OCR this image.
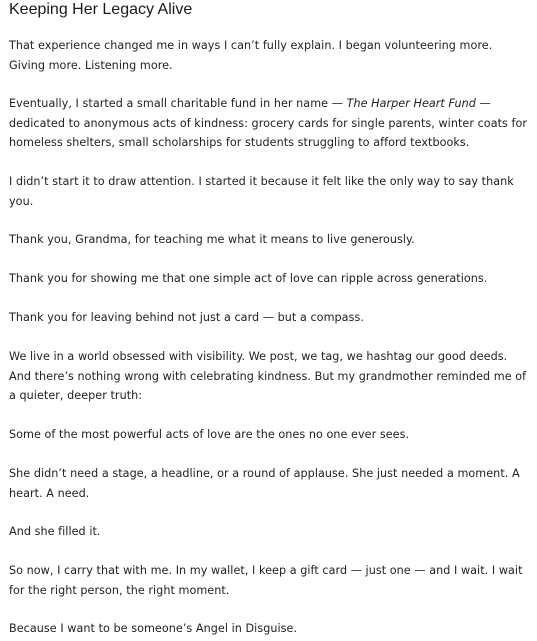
Keeping Her Legacy Alive

That experience changed me in ways I can’t fully explain. I began volunteering more. Giving more. Listening more.

Eventually, I started a small charitable fund in her name — The Harper Heart Fund — dedicated to anonymous acts of kindness: grocery cards for single parents, winter coats for homeless shelters, small scholarships for students struggling to afford textbooks.

I didn’t start it to draw attention. I started it because it felt like the only way to say thank you.

Thank you, Grandma, for teaching me what it means to live generously.

Thank you for showing me that one simple act of love can ripple across generations.

Thank you for leaving behind not just a card — but a compass.

We live in a world obsessed with visibility. We post, we tag, we hashtag our good deeds. And there’s nothing wrong with celebrating kindness. But my grandmother reminded me of a quieter, deeper truth:

Some of the most powerful acts of love are the ones no one ever sees.

She didn’t need a stage, a headline, or a round of applause. She just needed a moment. A heart. A need.

And she filled it.

So now, I carry that with me. In my wallet, I keep a gift card — just one — and I wait. I wait for the right person, the right moment.

Because I want to be someone’s Angel in Disguise.
